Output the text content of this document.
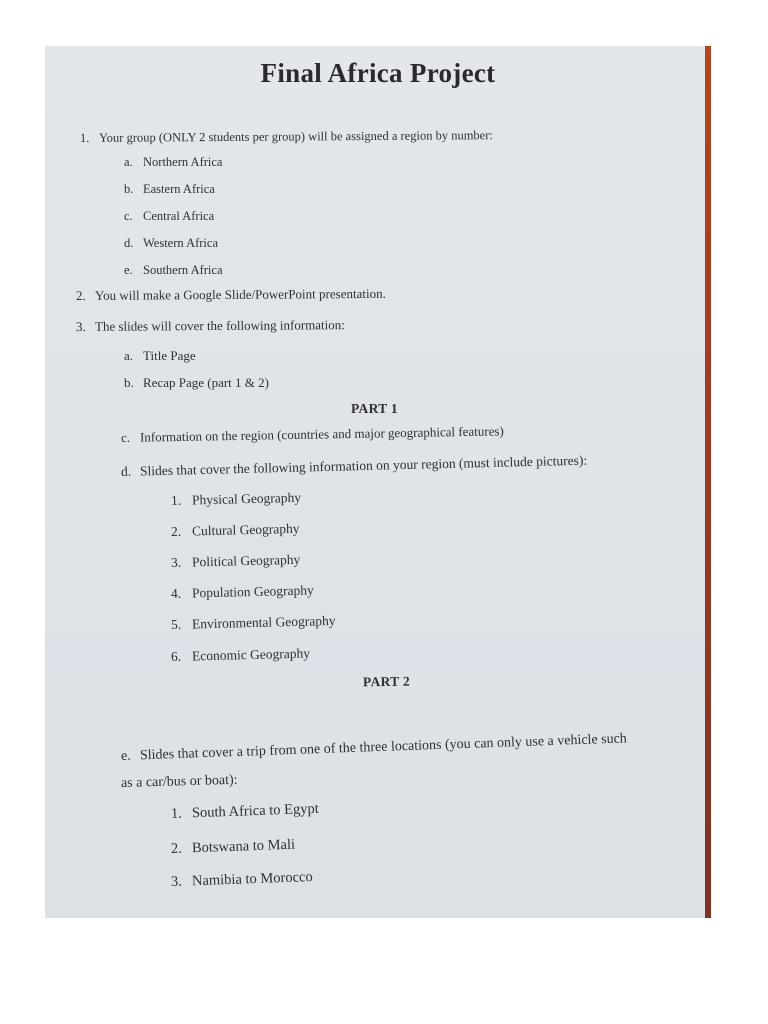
Final Africa Project
1. Your group (ONLY 2 students per group) will be assigned a region by number:
a. Northern Africa
b. Eastern Africa
c. Central Africa
d. Western Africa
e. Southern Africa
2. You will make a Google Slide/PowerPoint presentation.
3. The slides will cover the following information:
a. Title Page
b. Recap Page (part 1 & 2)
PART 1
c. Information on the region (countries and major geographical features)
d. Slides that cover the following information on your region (must include pictures):
1. Physical Geography
2. Cultural Geography
3. Political Geography
4. Population Geography
5. Environmental Geography
6. Economic Geography
PART 2
e. Slides that cover a trip from one of the three locations (you can only use a vehicle such
as a car/bus or boat):
1. South Africa to Egypt
2. Botswana to Mali
3. Namibia to Morocco
